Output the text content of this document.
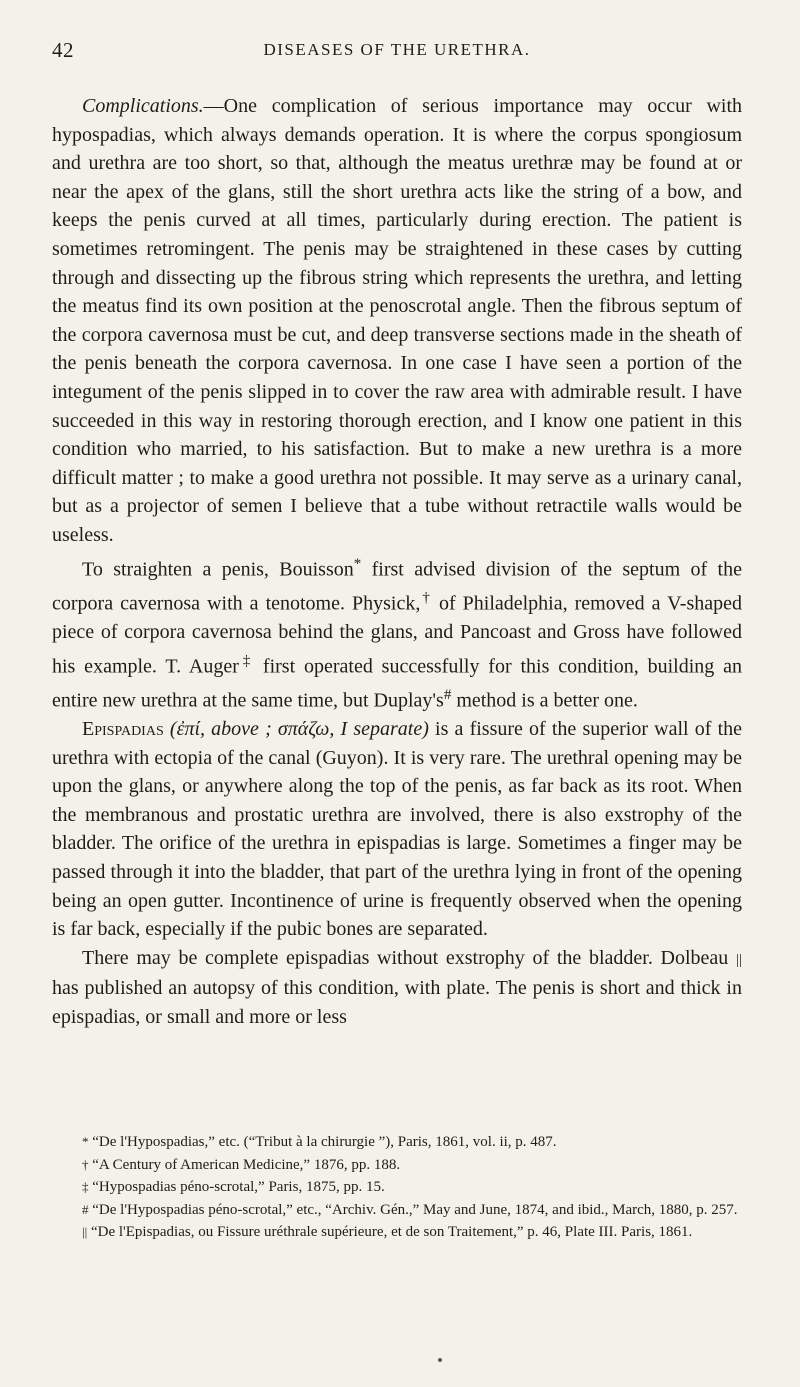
42	DISEASES OF THE URETHRA.

Complications.—One complication of serious importance may occur with hypospadias, which always demands operation. It is where the corpus spongiosum and urethra are too short, so that, although the meatus urethræ may be found at or near the apex of the glans, still the short urethra acts like the string of a bow, and keeps the penis curved at all times, particularly during erection. The patient is sometimes retromingent. The penis may be straightened in these cases by cutting through and dissecting up the fibrous string which represents the urethra, and letting the meatus find its own position at the penoscrotal angle. Then the fibrous septum of the corpora cavernosa must be cut, and deep transverse sections made in the sheath of the penis beneath the corpora cavernosa. In one case I have seen a portion of the integument of the penis slipped in to cover the raw area with admirable result. I have succeeded in this way in restoring thorough erection, and I know one patient in this condition who married, to his satisfaction. But to make a new urethra is a more difficult matter ; to make a good urethra not possible. It may serve as a urinary canal, but as a projector of semen I believe that a tube without retractile walls would be useless.

To straighten a penis, Bouisson* first advised division of the septum of the corpora cavernosa with a tenotome. Physick,† of Philadelphia, removed a V-shaped piece of corpora cavernosa behind the glans, and Pancoast and Gross have followed his example. T. Auger‡ first operated successfully for this condition, building an entire new urethra at the same time, but Duplay's# method is a better one.

Epispadias (ἐπί, above ; σπάζω, I separate) is a fissure of the superior wall of the urethra with ectopia of the canal (Guyon). It is very rare. The urethral opening may be upon the glans, or anywhere along the top of the penis, as far back as its root. When the membranous and prostatic urethra are involved, there is also exstrophy of the bladder. The orifice of the urethra in epispadias is large. Sometimes a finger may be passed through it into the bladder, that part of the urethra lying in front of the opening being an open gutter. Incontinence of urine is frequently observed when the opening is far back, especially if the pubic bones are separated.

There may be complete epispadias without exstrophy of the bladder. Dolbeau || has published an autopsy of this condition, with plate. The penis is short and thick in epispadias, or small and more or less

* “De l'Hypospadias,” etc. (“Tribut à la chirurgie ”), Paris, 1861, vol. ii, p. 487.

† “A Century of American Medicine,” 1876, pp. 188.

‡ “Hypospadias péno-scrotal,” Paris, 1875, pp. 15.

# “De l'Hypospadias péno-scrotal,” etc., “Archiv. Gén.,” May and June, 1874, and ibid., March, 1880, p. 257.

|| “De l'Epispadias, ou Fissure uréthrale supérieure, et de son Traitement,” p. 46, Plate III. Paris, 1861.
